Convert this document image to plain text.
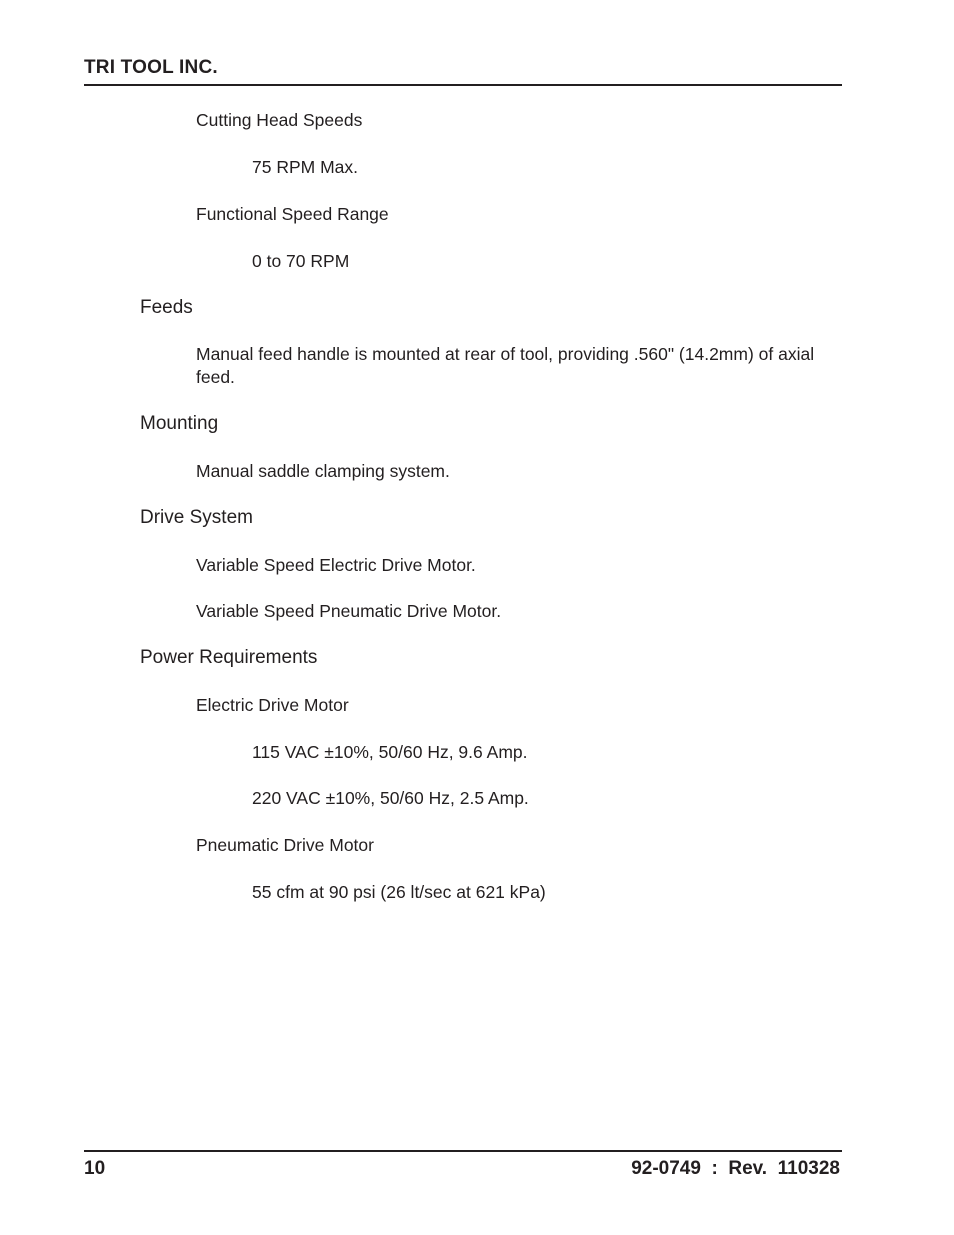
TRI TOOL INC.
Cutting Head Speeds
75 RPM Max.
Functional Speed Range
0 to 70 RPM
Feeds
Manual feed handle is mounted at rear of tool, providing .560" (14.2mm) of axial feed.
Mounting
Manual saddle clamping system.
Drive System
Variable Speed Electric Drive Motor.
Variable Speed Pneumatic Drive Motor.
Power Requirements
Electric Drive Motor
115 VAC ±10%, 50/60 Hz, 9.6 Amp.
220 VAC ±10%, 50/60 Hz, 2.5 Amp.
Pneumatic Drive Motor
55 cfm at 90 psi (26 lt/sec at 621 kPa)
10	92-0749  :  Rev.  110328
